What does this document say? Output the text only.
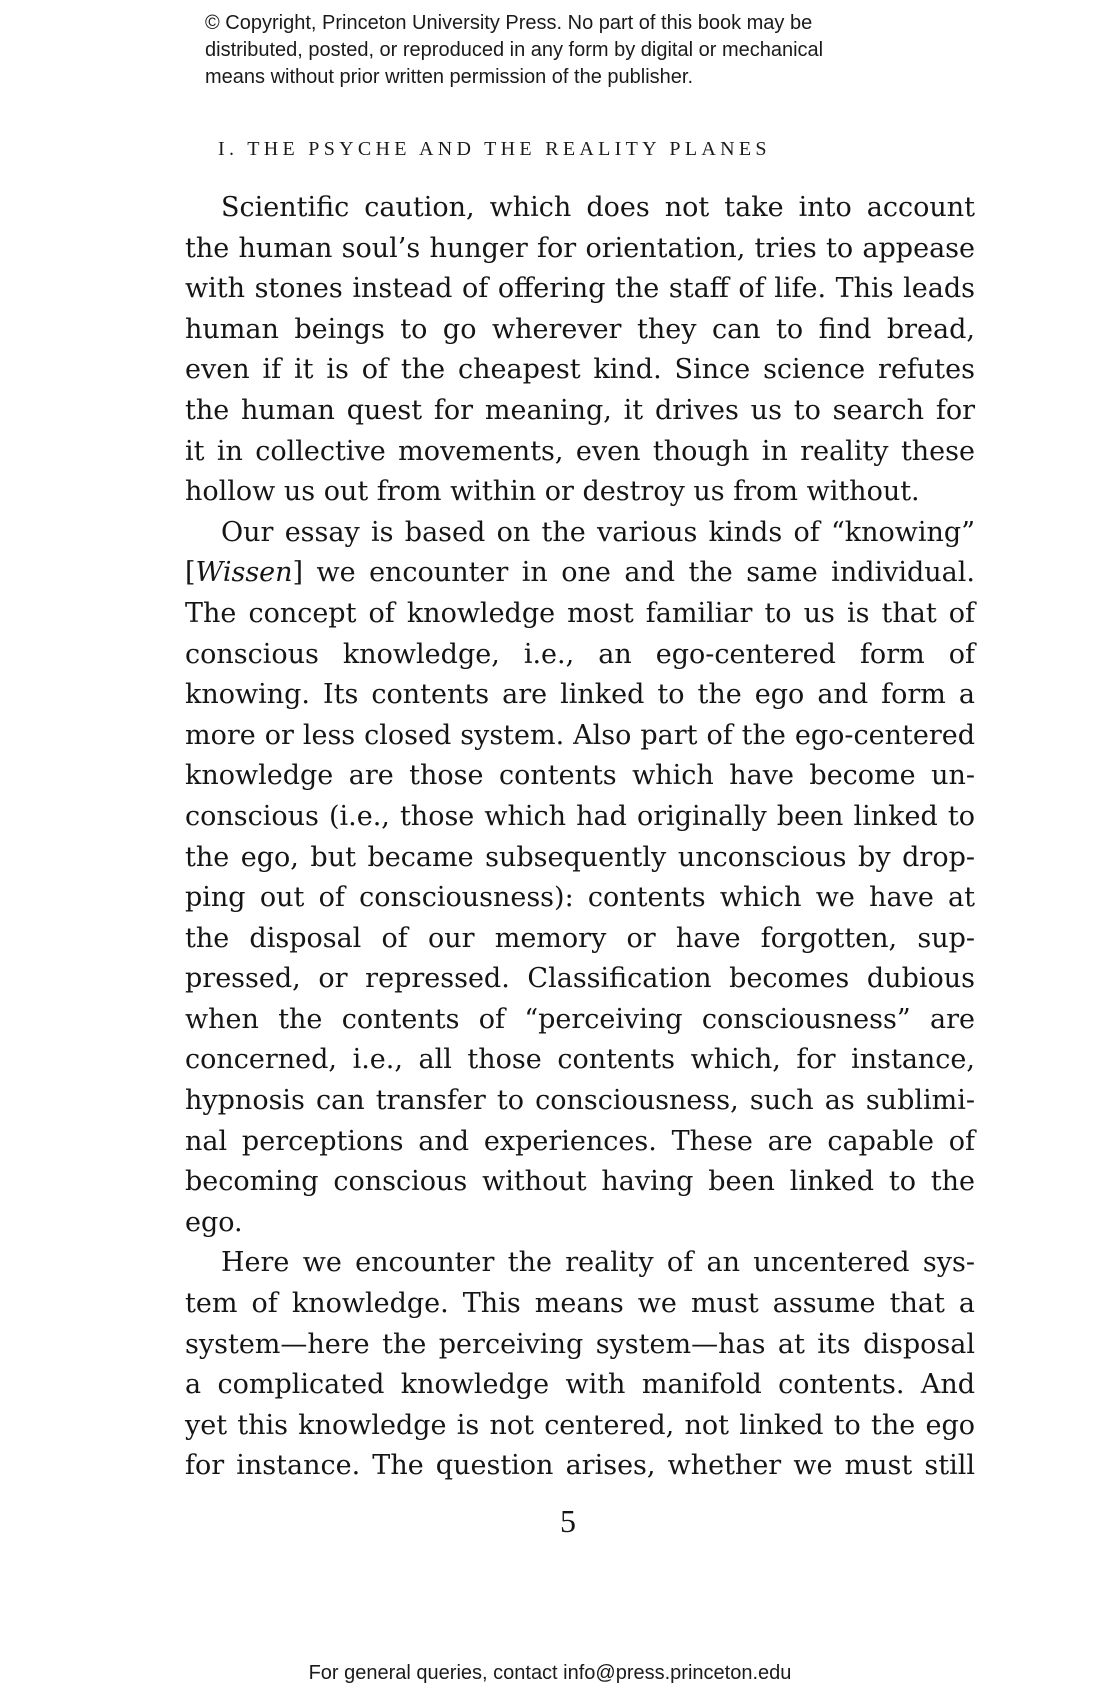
© Copyright, Princeton University Press. No part of this book may be
distributed, posted, or reproduced in any form by digital or mechanical
means without prior written permission of the publisher.
I. THE PSYCHE AND THE REALITY PLANES
Scientific caution, which does not take into account
the human soul’s hunger for orientation, tries to appease
with stones instead of offering the staff of life. This leads
human beings to go wherever they can to find bread,
even if it is of the cheapest kind. Since science refutes
the human quest for meaning, it drives us to search for
it in collective movements, even though in reality these
hollow us out from within or destroy us from without.
Our essay is based on the various kinds of “knowing”
[Wissen] we encounter in one and the same individual.
The concept of knowledge most familiar to us is that of
conscious knowledge, i.e., an ego-centered form of
knowing. Its contents are linked to the ego and form a
more or less closed system. Also part of the ego-centered
knowledge are those contents which have become un-
conscious (i.e., those which had originally been linked to
the ego, but became subsequently unconscious by drop-
ping out of consciousness): contents which we have at
the disposal of our memory or have forgotten, sup-
pressed, or repressed. Classification becomes dubious
when the contents of “perceiving consciousness” are
concerned, i.e., all those contents which, for instance,
hypnosis can transfer to consciousness, such as sublimi-
nal perceptions and experiences. These are capable of
becoming conscious without having been linked to the
ego.
Here we encounter the reality of an uncentered sys-
tem of knowledge. This means we must assume that a
system—here the perceiving system—has at its disposal
a complicated knowledge with manifold contents. And
yet this knowledge is not centered, not linked to the ego
for instance. The question arises, whether we must still
5
For general queries, contact info@press.princeton.edu
